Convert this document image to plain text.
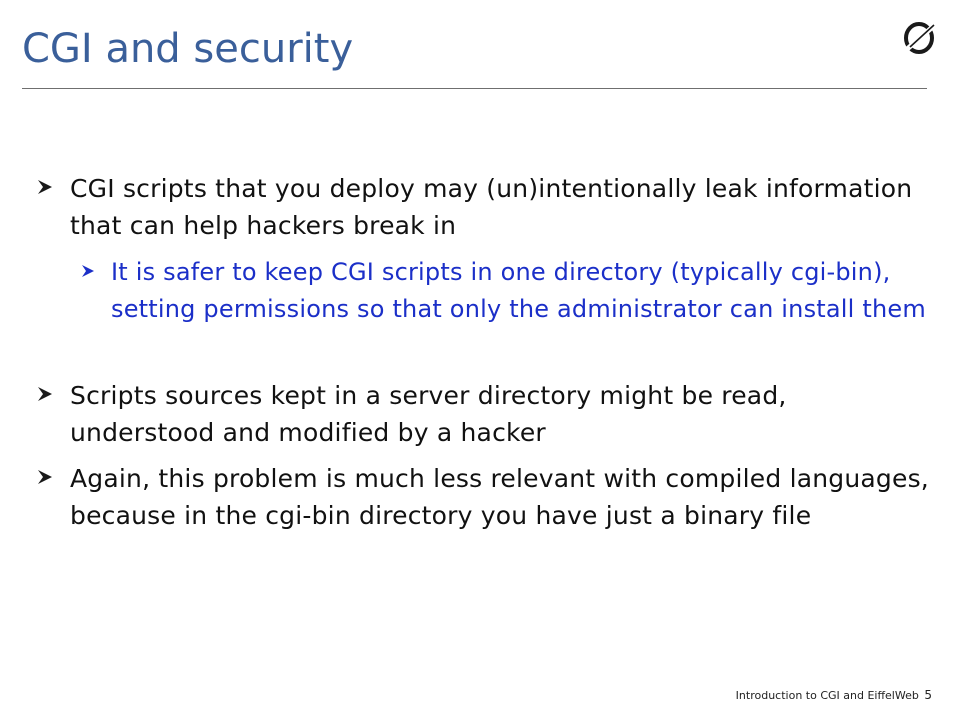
CGI and security
CGI scripts that you deploy may (un)intentionally leak information that can help hackers break in
It is safer to keep CGI scripts in one directory (typically cgi-bin), setting permissions so that only the administrator can install them
Scripts sources kept in a server directory might be read, understood and modified by a hacker
Again, this problem is much less relevant with compiled languages, because in the cgi-bin directory you have just a binary file
Introduction to CGI and EiffelWeb 5
